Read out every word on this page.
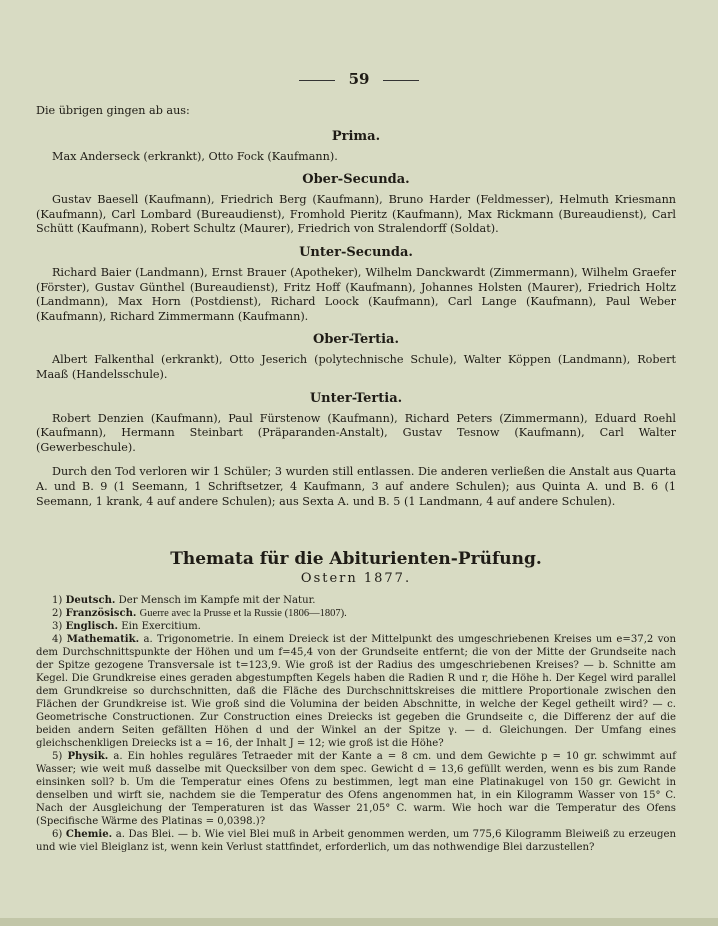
59

Die übrigen gingen ab aus:

Prima.

Max Anderseck (erkrankt), Otto Fock (Kaufmann).

Ober-Secunda.

Gustav Baesell (Kaufmann), Friedrich Berg (Kaufmann), Bruno Harder (Feldmesser), Helmuth Kriesmann (Kaufmann), Carl Lombard (Bureaudienst), Fromhold Pieritz (Kaufmann), Max Rickmann (Bureaudienst), Carl Schütt (Kaufmann), Robert Schultz (Maurer), Friedrich von Stralendorff (Soldat).

Unter-Secunda.

Richard Baier (Landmann), Ernst Brauer (Apotheker), Wilhelm Danckwardt (Zimmermann), Wilhelm Graefer (Förster), Gustav Günthel (Bureaudienst), Fritz Hoff (Kaufmann), Johannes Holsten (Maurer), Friedrich Holtz (Landmann), Max Horn (Postdienst), Richard Loock (Kaufmann), Carl Lange (Kaufmann), Paul Weber (Kaufmann), Richard Zimmermann (Kaufmann).

Ober-Tertia.

Albert Falkenthal (erkrankt), Otto Jeserich (polytechnische Schule), Walter Köppen (Landmann), Robert Maaß (Handelsschule).

Unter-Tertia.

Robert Denzien (Kaufmann), Paul Fürstenow (Kaufmann), Richard Peters (Zimmermann), Eduard Roehl (Kaufmann), Hermann Steinbart (Präparanden-Anstalt), Gustav Tesnow (Kaufmann), Carl Walter (Gewerbeschule).

Durch den Tod verloren wir 1 Schüler; 3 wurden still entlassen. Die anderen verließen die Anstalt aus Quarta A. und B. 9 (1 Seemann, 1 Schriftsetzer, 4 Kaufmann, 3 auf andere Schulen); aus Quinta A. und B. 6 (1 Seemann, 1 krank, 4 auf andere Schulen); aus Sexta A. und B. 5 (1 Landmann, 4 auf andere Schulen).

Themata für die Abiturienten-Prüfung.
Ostern 1877.

1) Deutsch. Der Mensch im Kampfe mit der Natur.

2) Französisch. Guerre avec la Prusse et la Russie (1806—1807).

3) Englisch. Ein Exercitium.

4) Mathematik. a. Trigonometrie. In einem Dreieck ist der Mittelpunkt des umgeschriebenen Kreises um e=37,2 von dem Durchschnittspunkte der Höhen und um f=45,4 von der Grundseite entfernt; die von der Mitte der Grundseite nach der Spitze gezogene Transversale ist t=123,9. Wie groß ist der Radius des umgeschriebenen Kreises? — b. Schnitte am Kegel. Die Grundkreise eines geraden abgestumpften Kegels haben die Radien R und r, die Höhe h. Der Kegel wird parallel dem Grundkreise so durchschnitten, daß die Fläche des Durchschnittskreises die mittlere Proportionale zwischen den Flächen der Grundkreise ist. Wie groß sind die Volumina der beiden Abschnitte, in welche der Kegel getheilt wird? — c. Geometrische Constructionen. Zur Construction eines Dreiecks ist gegeben die Grundseite c, die Differenz der auf die beiden andern Seiten gefällten Höhen d und der Winkel an der Spitze γ. — d. Gleichungen. Der Umfang eines gleichschenkligen Dreiecks ist a = 16, der Inhalt J = 12; wie groß ist die Höhe?

5) Physik. a. Ein hohles reguläres Tetraeder mit der Kante a = 8 cm. und dem Gewichte p = 10 gr. schwimmt auf Wasser; wie weit muß dasselbe mit Quecksilber von dem spec. Gewicht d = 13,6 gefüllt werden, wenn es bis zum Rande einsinken soll? b. Um die Temperatur eines Ofens zu bestimmen, legt man eine Platinakugel von 150 gr. Gewicht in denselben und wirft sie, nachdem sie die Temperatur des Ofens angenommen hat, in ein Kilogramm Wasser von 15° C. Nach der Ausgleichung der Temperaturen ist das Wasser 21,05° C. warm. Wie hoch war die Temperatur des Ofens (Specifische Wärme des Platinas = 0,0398.)?

6) Chemie. a. Das Blei. — b. Wie viel Blei muß in Arbeit genommen werden, um 775,6 Kilogramm Bleiweiß zu erzeugen und wie viel Bleiglanz ist, wenn kein Verlust stattfindet, erforderlich, um das nothwendige Blei darzustellen?
